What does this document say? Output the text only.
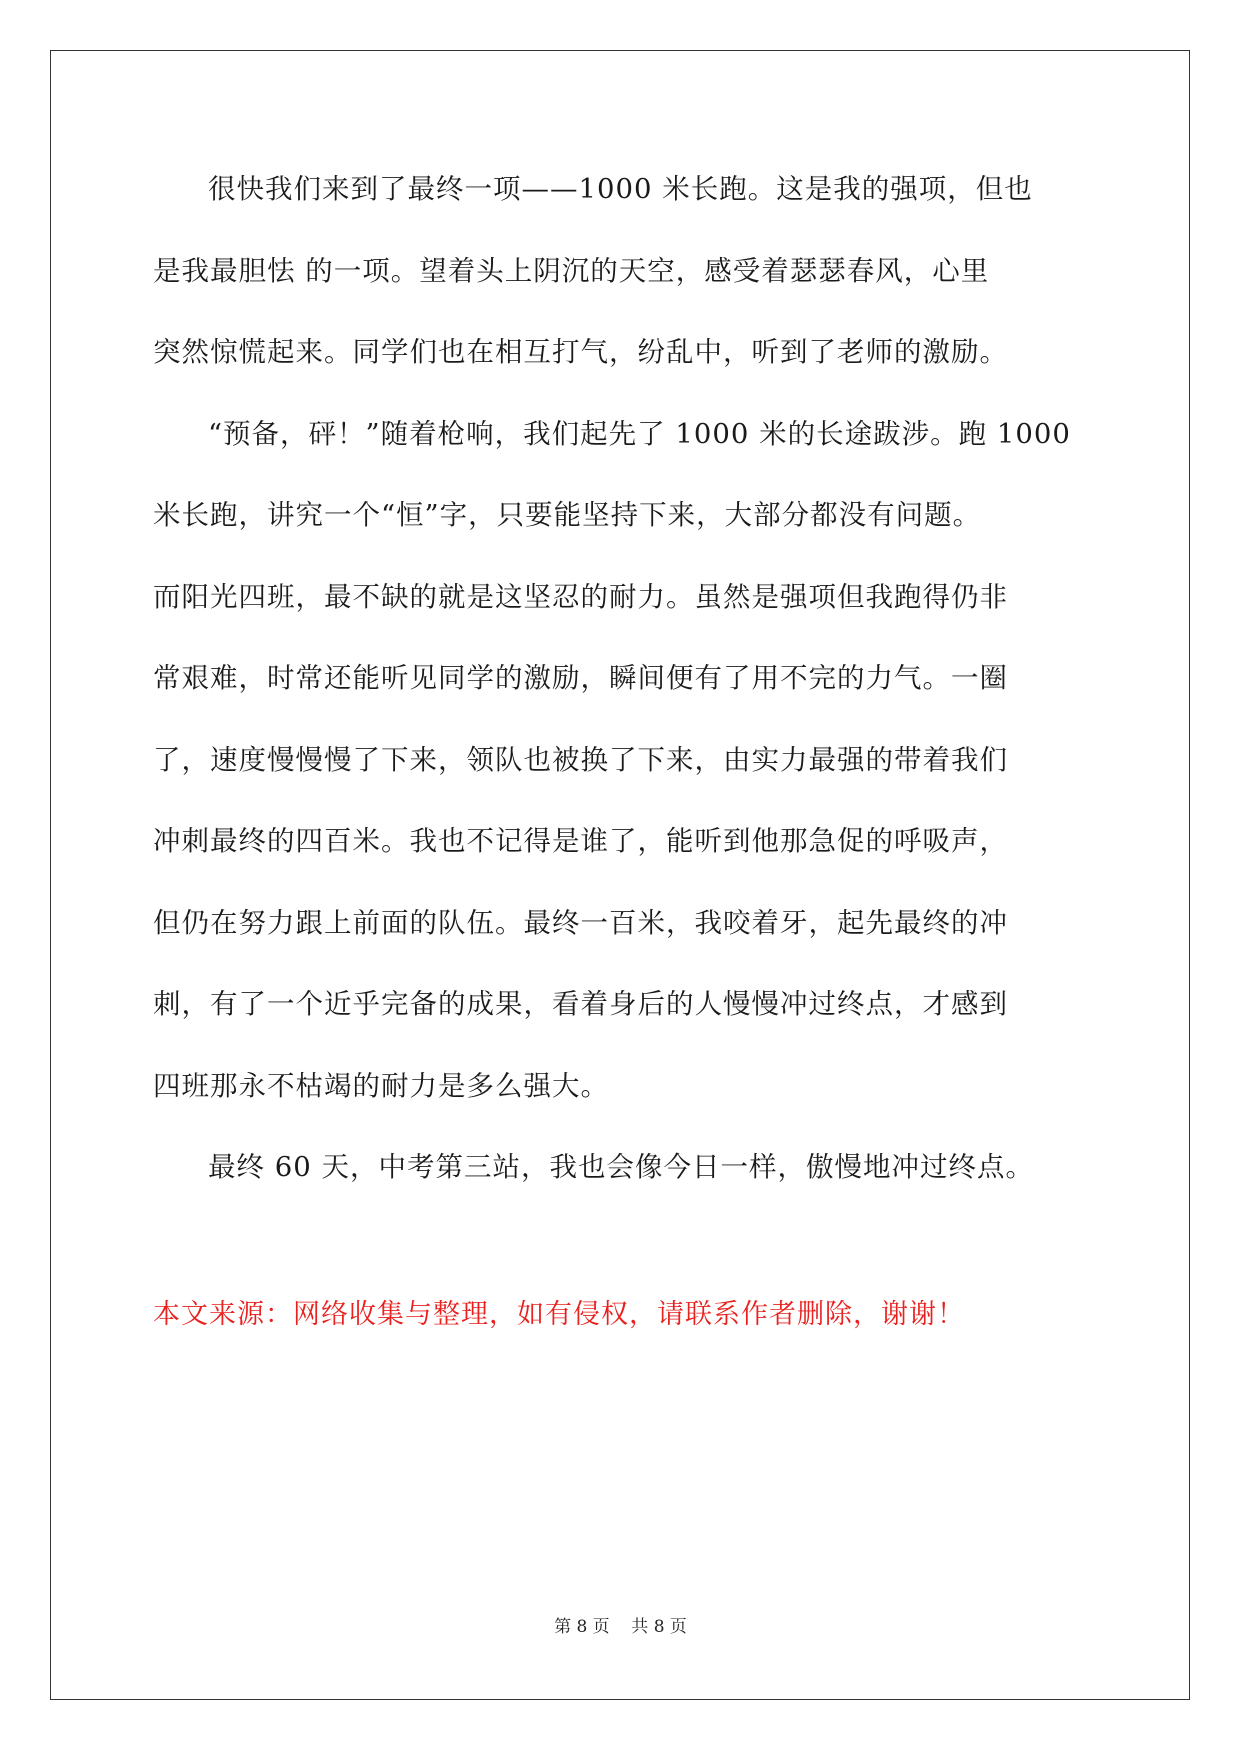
很快我们来到了最终一项——1000 米长跑。这是我的强项，但也
是我最胆怯 的一项。望着头上阴沉的天空，感受着瑟瑟春风，心里
突然惊慌起来。同学们也在相互打气，纷乱中，听到了老师的激励。

“预备，砰！”随着枪响，我们起先了 1000 米的长途跋涉。跑 1000
米长跑，讲究一个“恒”字，只要能坚持下来，大部分都没有问题。
而阳光四班，最不缺的就是这坚忍的耐力。虽然是强项但我跑得仍非
常艰难，时常还能听见同学的激励，瞬间便有了用不完的力气。一圈
了，速度慢慢慢了下来，领队也被换了下来，由实力最强的带着我们
冲刺最终的四百米。我也不记得是谁了，能听到他那急促的呼吸声，
但仍在努力跟上前面的队伍。最终一百米，我咬着牙，起先最终的冲
刺，有了一个近乎完备的成果，看着身后的人慢慢冲过终点，才感到
四班那永不枯竭的耐力是多么强大。

最终 60 天，中考第三站，我也会像今日一样，傲慢地冲过终点。

本文来源：网络收集与整理，如有侵权，请联系作者删除，谢谢！
第 8 页    共 8 页
